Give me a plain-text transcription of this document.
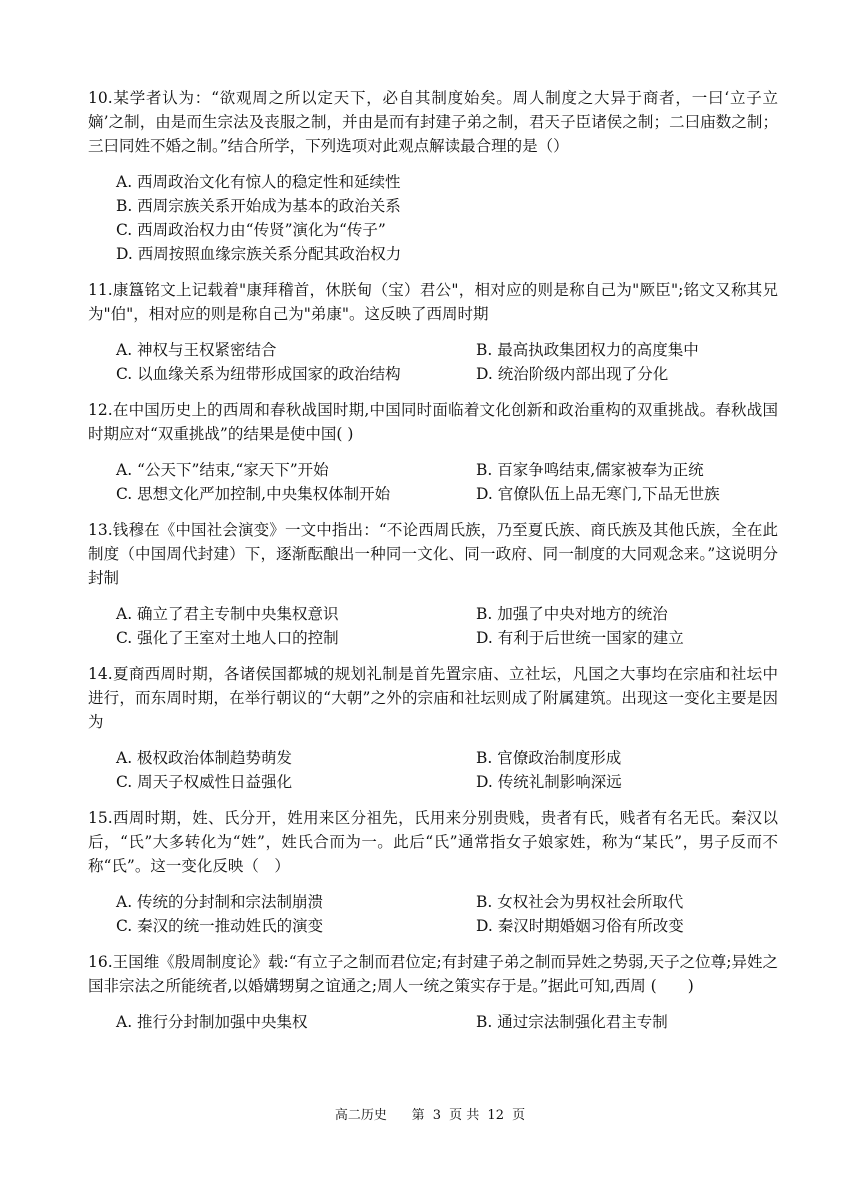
10.某学者认为：“欲观周之所以定天下，必自其制度始矣。周人制度之大异于商者，一曰‘立子立嫡’之制，由是而生宗法及丧服之制，并由是而有封建子弟之制，君天子臣诸侯之制；二曰庙数之制；三曰同姓不婚之制。”结合所学，下列选项对此观点解读最合理的是（）

A. 西周政治文化有惊人的稳定性和延续性
B. 西周宗族关系开始成为基本的政治关系
C. 西周政治权力由“传贤”演化为“传子”
D. 西周按照血缘宗族关系分配其政治权力

11.康簋铭文上记载着"康拜稽首，休朕甸（宝）君公"，相对应的则是称自己为"厥臣";铭文又称其兄为"伯"，相对应的则是称自己为"弟康"。这反映了西周时期

A. 神权与王权紧密结合	B. 最高执政集团权力的高度集中
C. 以血缘关系为纽带形成国家的政治结构	D. 统治阶级内部出现了分化

12.在中国历史上的西周和春秋战国时期,中国同时面临着文化创新和政治重构的双重挑战。春秋战国时期应对“双重挑战”的结果是使中国( )

A. “公天下”结束,“家天下”开始	B. 百家争鸣结束,儒家被奉为正统
C. 思想文化严加控制,中央集权体制开始	D. 官僚队伍上品无寒门,下品无世族

13.钱穆在《中国社会演变》一文中指出：“不论西周氏族，乃至夏氏族、商氏族及其他氏族，全在此制度（中国周代封建）下，逐渐酝酿出一种同一文化、同一政府、同一制度的大同观念来。”这说明分封制

A. 确立了君主专制中央集权意识	B. 加强了中央对地方的统治
C. 强化了王室对土地人口的控制	D. 有利于后世统一国家的建立

14.夏商西周时期，各诸侯国都城的规划礼制是首先置宗庙、立社坛，凡国之大事均在宗庙和社坛中进行，而东周时期，在举行朝议的“大朝”之外的宗庙和社坛则成了附属建筑。出现这一变化主要是因为

A. 极权政治体制趋势萌发	B. 官僚政治制度形成
C. 周天子权威性日益强化	D. 传统礼制影响深远

15.西周时期，姓、氏分开，姓用来区分祖先，氏用来分别贵贱，贵者有氏，贱者有名无氏。秦汉以后，“氏”大多转化为“姓”，姓氏合而为一。此后“氏”通常指女子娘家姓，称为“某氏”，男子反而不称“氏”。这一变化反映（　）

A. 传统的分封制和宗法制崩溃	B. 女权社会为男权社会所取代
C. 秦汉的统一推动姓氏的演变	D. 秦汉时期婚姻习俗有所改变

16.王国维《殷周制度论》载:“有立子之制而君位定;有封建子弟之制而异姓之势弱,天子之位尊;异姓之国非宗法之所能统者,以婚媾甥舅之谊通之;周人一统之策实存于是。”据此可知,西周 (　　)

A. 推行分封制加强中央集权	B. 通过宗法制强化君主专制
高二历史 第 3 页 共 12 页
